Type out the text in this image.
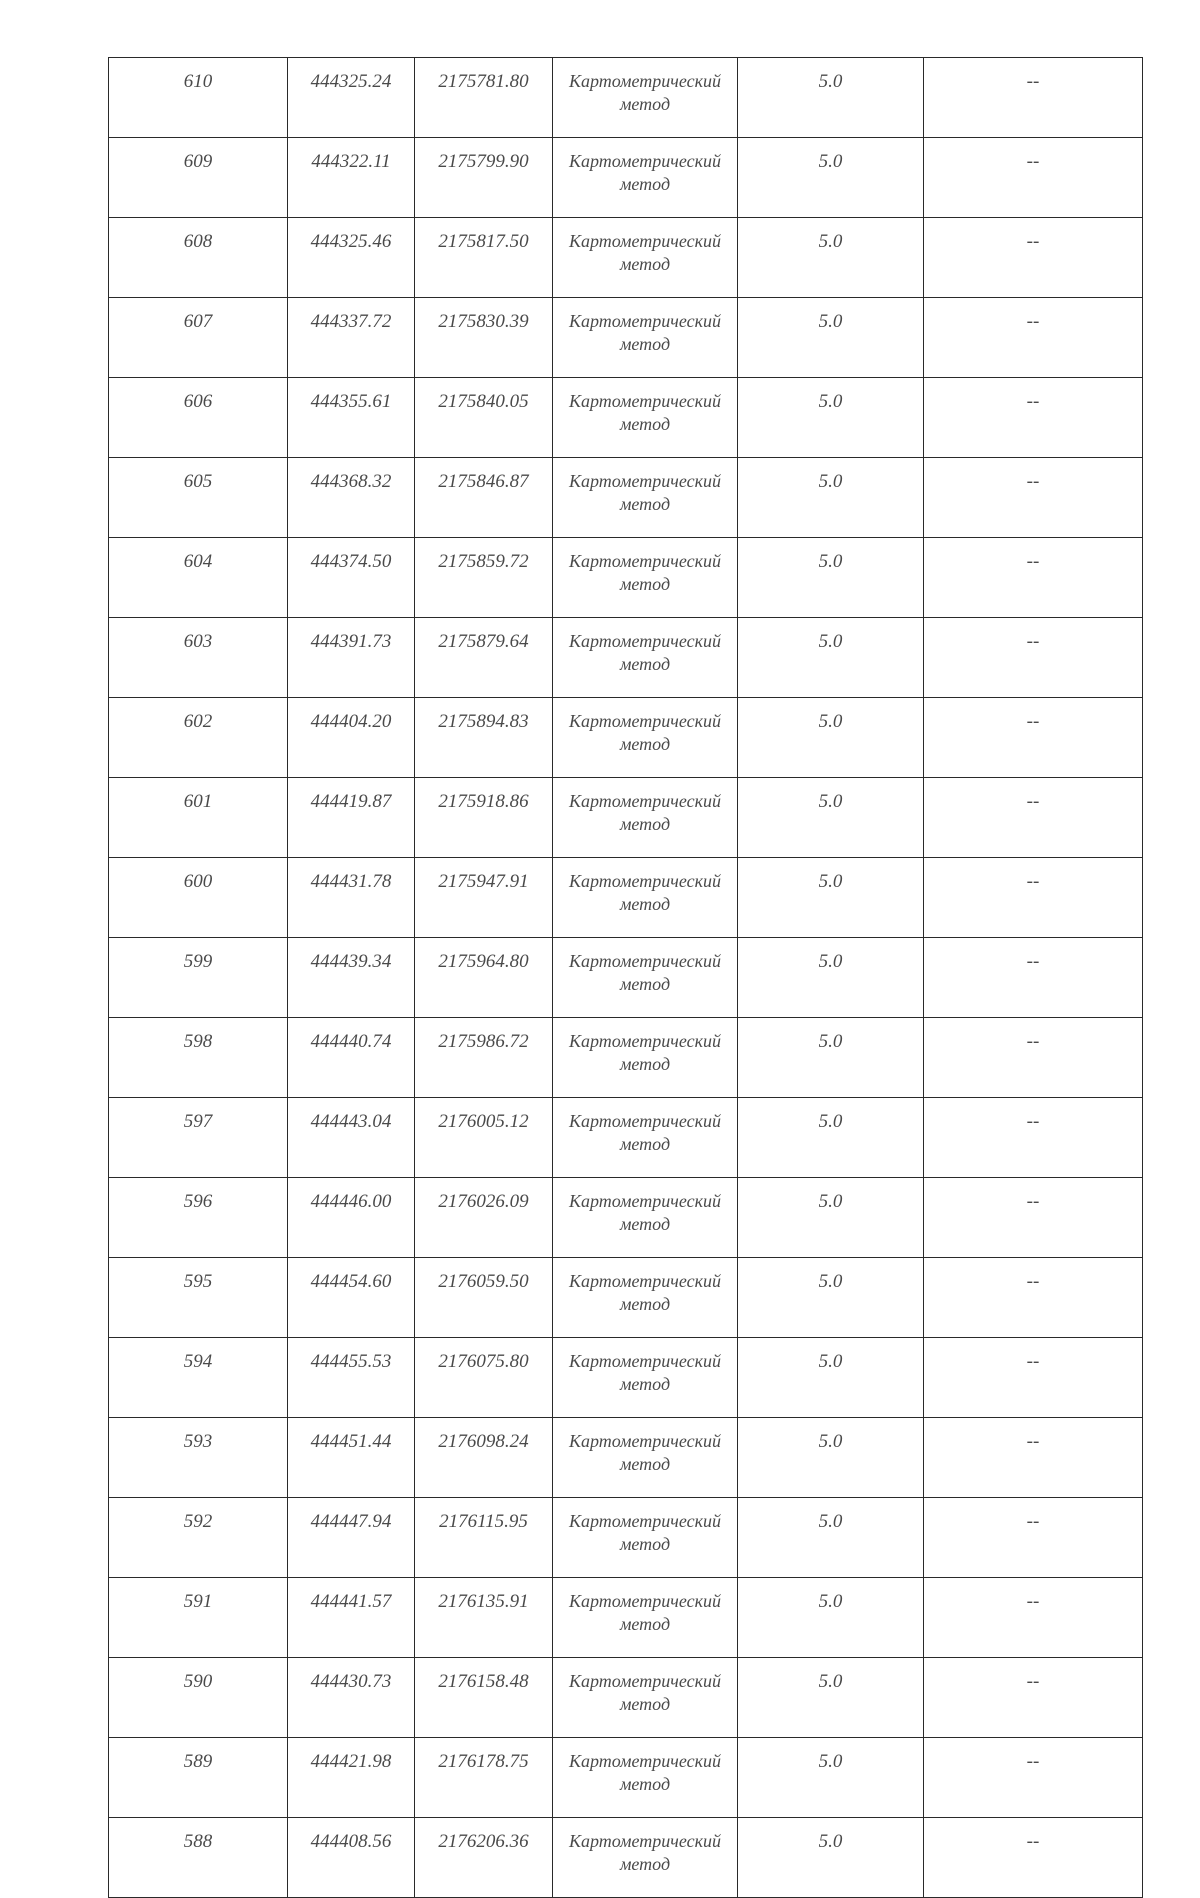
610	444325.24	2175781.80	Картометрический метод	5.0	--
609	444322.11	2175799.90	Картометрический метод	5.0	--
608	444325.46	2175817.50	Картометрический метод	5.0	--
607	444337.72	2175830.39	Картометрический метод	5.0	--
606	444355.61	2175840.05	Картометрический метод	5.0	--
605	444368.32	2175846.87	Картометрический метод	5.0	--
604	444374.50	2175859.72	Картометрический метод	5.0	--
603	444391.73	2175879.64	Картометрический метод	5.0	--
602	444404.20	2175894.83	Картометрический метод	5.0	--
601	444419.87	2175918.86	Картометрический метод	5.0	--
600	444431.78	2175947.91	Картометрический метод	5.0	--
599	444439.34	2175964.80	Картометрический метод	5.0	--
598	444440.74	2175986.72	Картометрический метод	5.0	--
597	444443.04	2176005.12	Картометрический метод	5.0	--
596	444446.00	2176026.09	Картометрический метод	5.0	--
595	444454.60	2176059.50	Картометрический метод	5.0	--
594	444455.53	2176075.80	Картометрический метод	5.0	--
593	444451.44	2176098.24	Картометрический метод	5.0	--
592	444447.94	2176115.95	Картометрический метод	5.0	--
591	444441.57	2176135.91	Картометрический метод	5.0	--
590	444430.73	2176158.48	Картометрический метод	5.0	--
589	444421.98	2176178.75	Картометрический метод	5.0	--
588	444408.56	2176206.36	Картометрический метод	5.0	--
